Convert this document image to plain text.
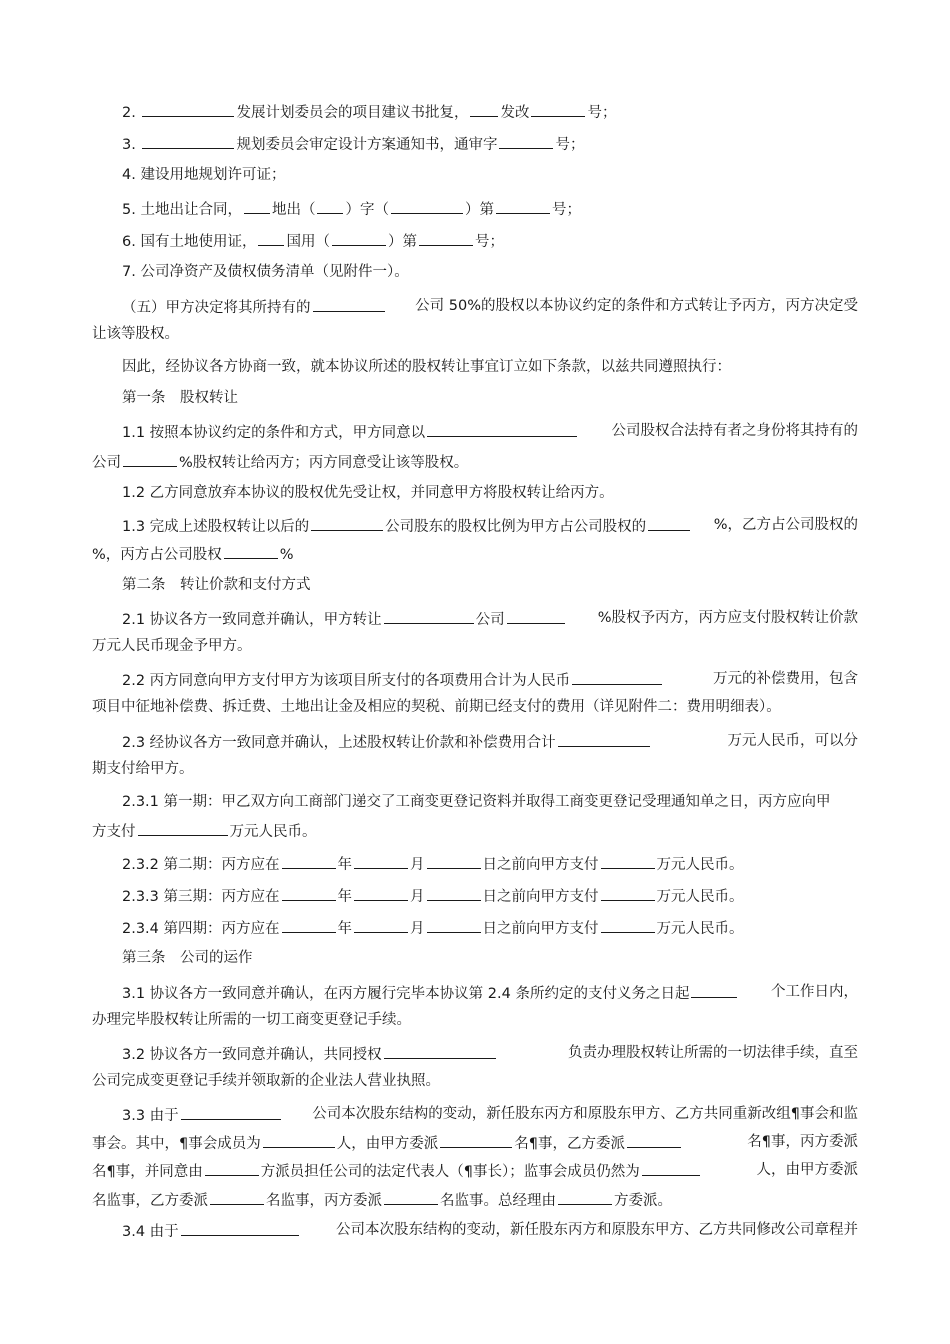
2.	发展计划委员会的项目建议书批复， 发改	号；
3.	规划委员会审定设计方案通知书，通审字	号；
4. 建设用地规划许可证；
5. 土地出让合同， 地出（ ）字（	）第	号；
6. 国有土地使用证， 国用（	）第	号；
7. 公司净资产及债权债务清单（见附件一）。
（五）甲方决定将其所持有的	公司 50%的股权以本协议约定的条件和方式转让予丙方，丙方决定受
让该等股权。
因此，经协议各方协商一致，就本协议所述的股权转让事宜订立如下条款，以兹共同遵照执行：
第一条　股权转让
1.1 按照本协议约定的条件和方式，甲方同意以	公司股权合法持有者之身份将其持有的
公司	%股权转让给丙方；丙方同意受让该等股权。
1.2 乙方同意放弃本协议的股权优先受让权，并同意甲方将股权转让给丙方。
1.3 完成上述股权转让以后的	公司股东的股权比例为甲方占公司股权的	%，乙方占公司股权的
%，丙方占公司股权	%
第二条　转让价款和支付方式
2.1 协议各方一致同意并确认，甲方转让	公司	%股权予丙方，丙方应支付股权转让价款
万元人民币现金予甲方。
2.2 丙方同意向甲方支付甲方为该项目所支付的各项费用合计为人民币	万元的补偿费用，包含
项目中征地补偿费、拆迁费、土地出让金及相应的契税、前期已经支付的费用（详见附件二：费用明细表）。
2.3 经协议各方一致同意并确认，上述股权转让价款和补偿费用合计	万元人民币，可以分
期支付给甲方。
2.3.1 第一期：甲乙双方向工商部门递交了工商变更登记资料并取得工商变更登记受理通知单之日，丙方应向甲
方支付	万元人民币。
2.3.2 第二期：丙方应在	年	月	日之前向甲方支付	万元人民币。
2.3.3 第三期：丙方应在	年	月	日之前向甲方支付	万元人民币。
2.3.4 第四期：丙方应在	年	月	日之前向甲方支付	万元人民币。
第三条　公司的运作
3.1 协议各方一致同意并确认，在丙方履行完毕本协议第 2.4 条所约定的支付义务之日起	个工作日内，
办理完毕股权转让所需的一切工商变更登记手续。
3.2 协议各方一致同意并确认，共同授权	负责办理股权转让所需的一切法律手续，直至
公司完成变更登记手续并领取新的企业法人营业执照。
3.3 由于	公司本次股东结构的变动，新任股东丙方和原股东甲方、乙方共同重新改组¶事会和监
事会。其中，¶事会成员为	人，由甲方委派	名¶事，乙方委派	名¶事，丙方委派
名¶事，并同意由	方派员担任公司的法定代表人（¶事长）；监事会成员仍然为	人，由甲方委派
名监事，乙方委派	名监事，丙方委派	名监事。总经理由	方委派。
3.4 由于	公司本次股东结构的变动，新任股东丙方和原股东甲方、乙方共同修改公司章程并
